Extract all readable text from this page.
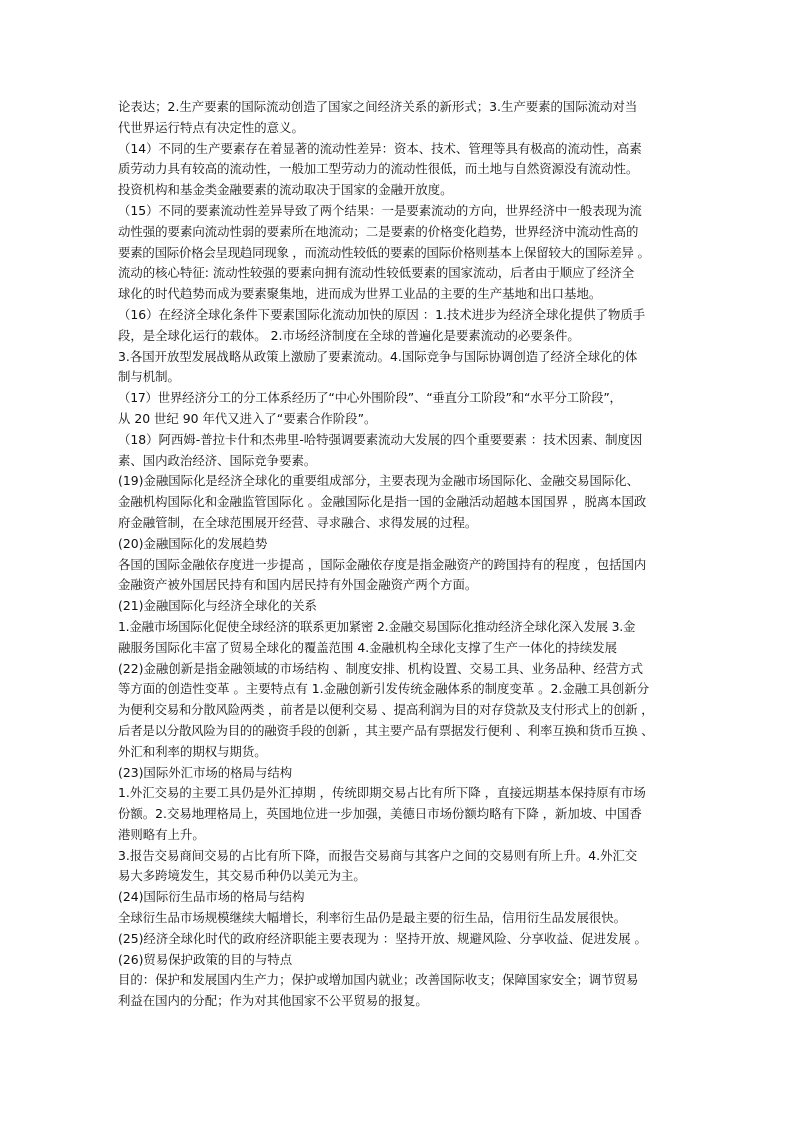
论表达；2.生产要素的国际流动创造了国家之间经济关系的新形式；3.生产要素的国际流动对当
代世界运行特点有决定性的意义。
（14）不同的生产要素存在着显著的流动性差异：资本、技术、管理等具有极高的流动性，高素
质劳动力具有较高的流动性，一般加工型劳动力的流动性很低，而土地与自然资源没有流动性。
投资机构和基金类金融要素的流动取决于国家的金融开放度。
（15）不同的要素流动性差异导致了两个结果：一是要素流动的方向，世界经济中一般表现为流
动性强的要素向流动性弱的要素所在地流动；二是要素的价格变化趋势，世界经济中流动性高的
要素的国际价格会呈现趋同现象 ，而流动性较低的要素的国际价格则基本上保留较大的国际差异 。
流动的核心特征: 流动性较强的要素向拥有流动性较低要素的国家流动，后者由于顺应了经济全
球化的时代趋势而成为要素聚集地，进而成为世界工业品的主要的生产基地和出口基地。
（16）在经济全球化条件下要素国际化流动加快的原因 ：1.技术进步为经济全球化提供了物质手
段，是全球化运行的载体。 2.市场经济制度在全球的普遍化是要素流动的必要条件。
3.各国开放型发展战略从政策上激励了要素流动。4.国际竞争与国际协调创造了经济全球化的体
制与机制。
（17）世界经济分工的分工体系经历了“中心外围阶段”、“垂直分工阶段”和“水平分工阶段”，
从 20 世纪 90 年代又进入了“要素合作阶段”。
（18）阿西姆-普拉卡什和杰弗里-哈特强调要素流动大发展的四个重要要素 ：技术因素、制度因
素、国内政治经济、国际竞争要素。
(19)金融国际化是经济全球化的重要组成部分，主要表现为金融市场国际化、金融交易国际化、
金融机构国际化和金融监管国际化 。金融国际化是指一国的金融活动超越本国国界 ，脱离本国政
府金融管制，在全球范围展开经营、寻求融合、求得发展的过程。
(20)金融国际化的发展趋势
各国的国际金融依存度进一步提高 ，国际金融依存度是指金融资产的跨国持有的程度 ，包括国内
金融资产被外国居民持有和国内居民持有外国金融资产两个方面。
(21)金融国际化与经济全球化的关系
1.金融市场国际化促使全球经济的联系更加紧密 2.金融交易国际化推动经济全球化深入发展 3.金
融服务国际化丰富了贸易全球化的覆盖范围 4.金融机构全球化支撑了生产一体化的持续发展
(22)金融创新是指金融领域的市场结构 、制度安排、机构设置、交易工具、业务品种、经营方式
等方面的创造性变革 。主要特点有 1.金融创新引发传统金融体系的制度变革 。2.金融工具创新分
为便利交易和分散风险两类 ，前者是以便利交易 、提高利润为目的对存贷款及支付形式上的创新 ，
后者是以分散风险为目的的融资手段的创新 ，其主要产品有票据发行便利 、利率互换和货币互换 、
外汇和利率的期权与期货。
(23)国际外汇市场的格局与结构
1.外汇交易的主要工具仍是外汇掉期 ，传统即期交易占比有所下降 ，直接远期基本保持原有市场
份额。2.交易地理格局上，英国地位进一步加强，美德日市场份额均略有下降 ，新加坡、中国香
港则略有上升。
3.报告交易商间交易的占比有所下降，而报告交易商与其客户之间的交易则有所上升。4.外汇交
易大多跨境发生，其交易币种仍以美元为主。
(24)国际衍生品市场的格局与结构
全球衍生品市场规模继续大幅增长，利率衍生品仍是最主要的衍生品，信用衍生品发展很快。
(25)经济全球化时代的政府经济职能主要表现为 ：坚持开放、规避风险、分享收益、促进发展 。
(26)贸易保护政策的目的与特点
目的：保护和发展国内生产力；保护或增加国内就业；改善国际收支；保障国家安全；调节贸易
利益在国内的分配；作为对其他国家不公平贸易的报复。
